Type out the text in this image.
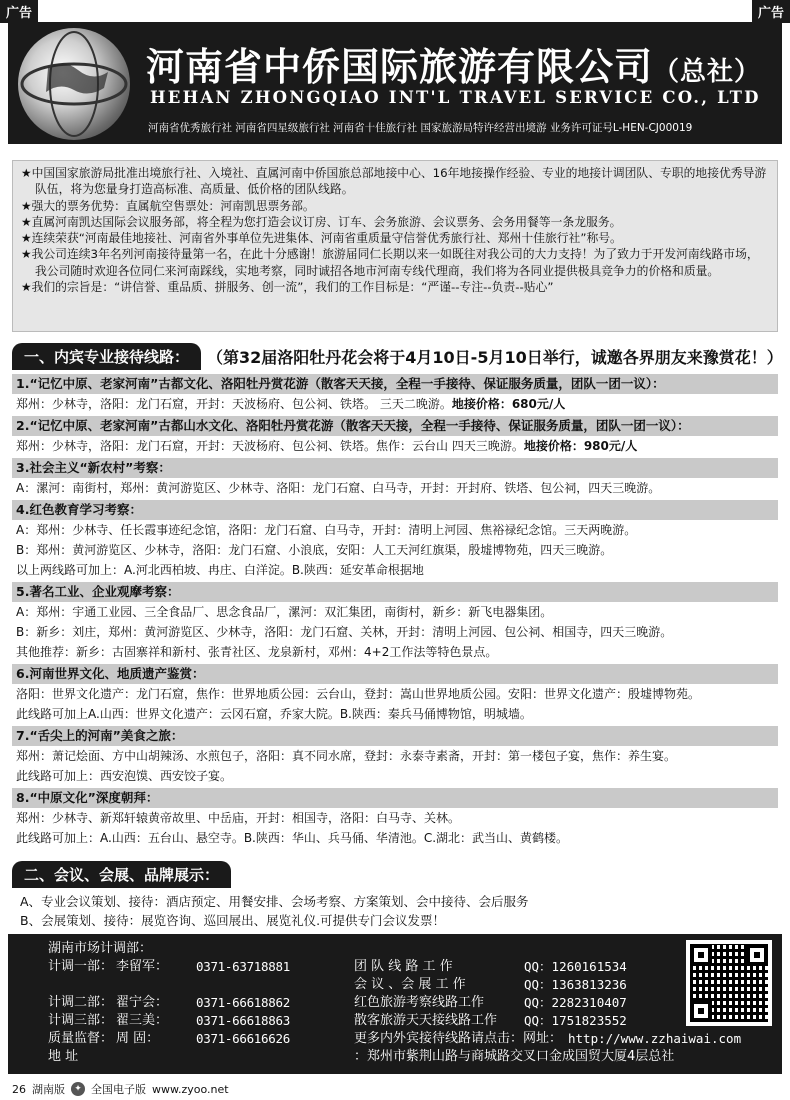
广告	广告
河南省中侨国际旅游有限公司（总社）
HEHAN ZHONGQIAO INT'L TRAVEL SERVICE CO., LTD
河南省优秀旅行社 河南省四星级旅行社 河南省十佳旅行社 国家旅游局特许经营出境游 业务许可证号L-HEN-CJ00019

★中国国家旅游局批准出境旅行社、入境社、直属河南中侨国旅总部地接中心、16年地接操作经验、专业的地接计调团队、专职的地接优秀导游队伍，将为您量身打造高标准、高质量、低价格的团队线路。

★强大的票务优势：直属航空售票处：河南凯思票务部。

★直属河南凯达国际会议服务部，将全程为您打造会议订房、订车、会务旅游、会议票务、会务用餐等一条龙服务。

★连续荣获“河南最佳地接社、河南省外事单位先进集体、河南省重质量守信誉优秀旅行社、郑州十佳旅行社”称号。

★我公司连续3年名列河南接待量第一名，在此十分感谢！旅游届同仁长期以来一如既往对我公司的大力支持！为了致力于开发河南线路市场，我公司随时欢迎各位同仁来河南踩线，实地考察，同时诚招各地市河南专线代理商，我们将为各同业提供极具竞争力的价格和质量。

★我们的宗旨是：“讲信誉、重品质、拼服务、创一流”，我们的工作目标是：“严谨--专注--负责--贴心”

一、内宾专业接待线路：	（第32届洛阳牡丹花会将于4月10日-5月10日举行，诚邀各界朋友来豫赏花！）
1.“记忆中原、老家河南”古都文化、洛阳牡丹赏花游（散客天天接，全程一手接待、保证服务质量，团队一团一议）：
郑州：少林寺，洛阳：龙门石窟，开封：天波杨府、包公祠、铁塔。 三天二晚游。地接价格：680元/人
2.“记忆中原、老家河南”古都山水文化、洛阳牡丹赏花游（散客天天接，全程一手接待、保证服务质量，团队一团一议）：
郑州：少林寺，洛阳：龙门石窟，开封：天波杨府、包公祠、铁塔。焦作：云台山 四天三晚游。地接价格：980元/人
3.社会主义“新农村”考察：
A：漯河：南街村，郑州：黄河游览区、少林寺、洛阳：龙门石窟、白马寺，开封：开封府、铁塔、包公祠，四天三晚游。
4.红色教育学习考察：
A：郑州：少林寺、任长霞事迹纪念馆，洛阳：龙门石窟、白马寺，开封：清明上河园、焦裕禄纪念馆。三天两晚游。
B：郑州：黄河游览区、少林寺，洛阳：龙门石窟、小浪底，安阳：人工天河红旗渠，殷墟博物苑，四天三晚游。
以上两线路可加上：A.河北西柏坡、冉庄、白洋淀。B.陕西：延安革命根据地
5.著名工业、企业观摩考察：
A：郑州：宇通工业园、三全食品厂、思念食品厂，漯河：双汇集团，南街村，新乡：新飞电器集团。
B：新乡：刘庄，郑州：黄河游览区、少林寺，洛阳：龙门石窟、关林，开封：清明上河园、包公祠、相国寺，四天三晚游。
其他推荐：新乡：古固寨祥和新村、张青社区、龙泉新村，邓州：4+2工作法等特色景点。
6.河南世界文化、地质遗产鉴赏：
洛阳：世界文化遗产：龙门石窟，焦作：世界地质公园：云台山，登封：嵩山世界地质公园。安阳：世界文化遗产：殷墟博物苑。
此线路可加上A.山西：世界文化遗产：云冈石窟，乔家大院。B.陕西：秦兵马俑博物馆，明城墙。
7.“舌尖上的河南”美食之旅：
郑州：萧记烩面、方中山胡辣汤、水煎包子，洛阳：真不同水席，登封：永泰寺素斋，开封：第一楼包子宴，焦作：养生宴。
此线路可加上：西安泡馍、西安饺子宴。
8.“中原文化”深度朝拜：
郑州：少林寺、新郑轩辕黄帝故里、中岳庙，开封：相国寺，洛阳：白马寺、关林。
此线路可加上：A.山西：五台山、悬空寺。B.陕西：华山、兵马俑、华清池。C.湖北：武当山、黄鹤楼。
二、会议、会展、品牌展示：
A、专业会议策划、接待：酒店预定、用餐安排、会场考察、方案策划、会中接待、会后服务
B、会展策划、接待：展览咨询、巡回展出、展览礼仪.可提供专门会议发票！
湖南市场计调部：
计调一部： 李留军：	0371-63718881	团 队 线 路 工 作	QQ：1260161534
会 议 、会 展 工 作	QQ：1363813236
计调二部： 翟宁会：	0371-66618862	红色旅游考察线路工作	QQ：2282310407
计调三部： 翟三美：	0371-66618863	散客旅游天天接线路工作	QQ：1751823552
质量监督： 周 固：	0371-66616626	更多内外宾接待线路请点击：网址： http://www.zzhaiwai.com
地 址	：郑州市紫荆山路与商城路交叉口金成国贸大厦4层总社
26 湖南版	✦ 全国电子版 www.zyoo.net
